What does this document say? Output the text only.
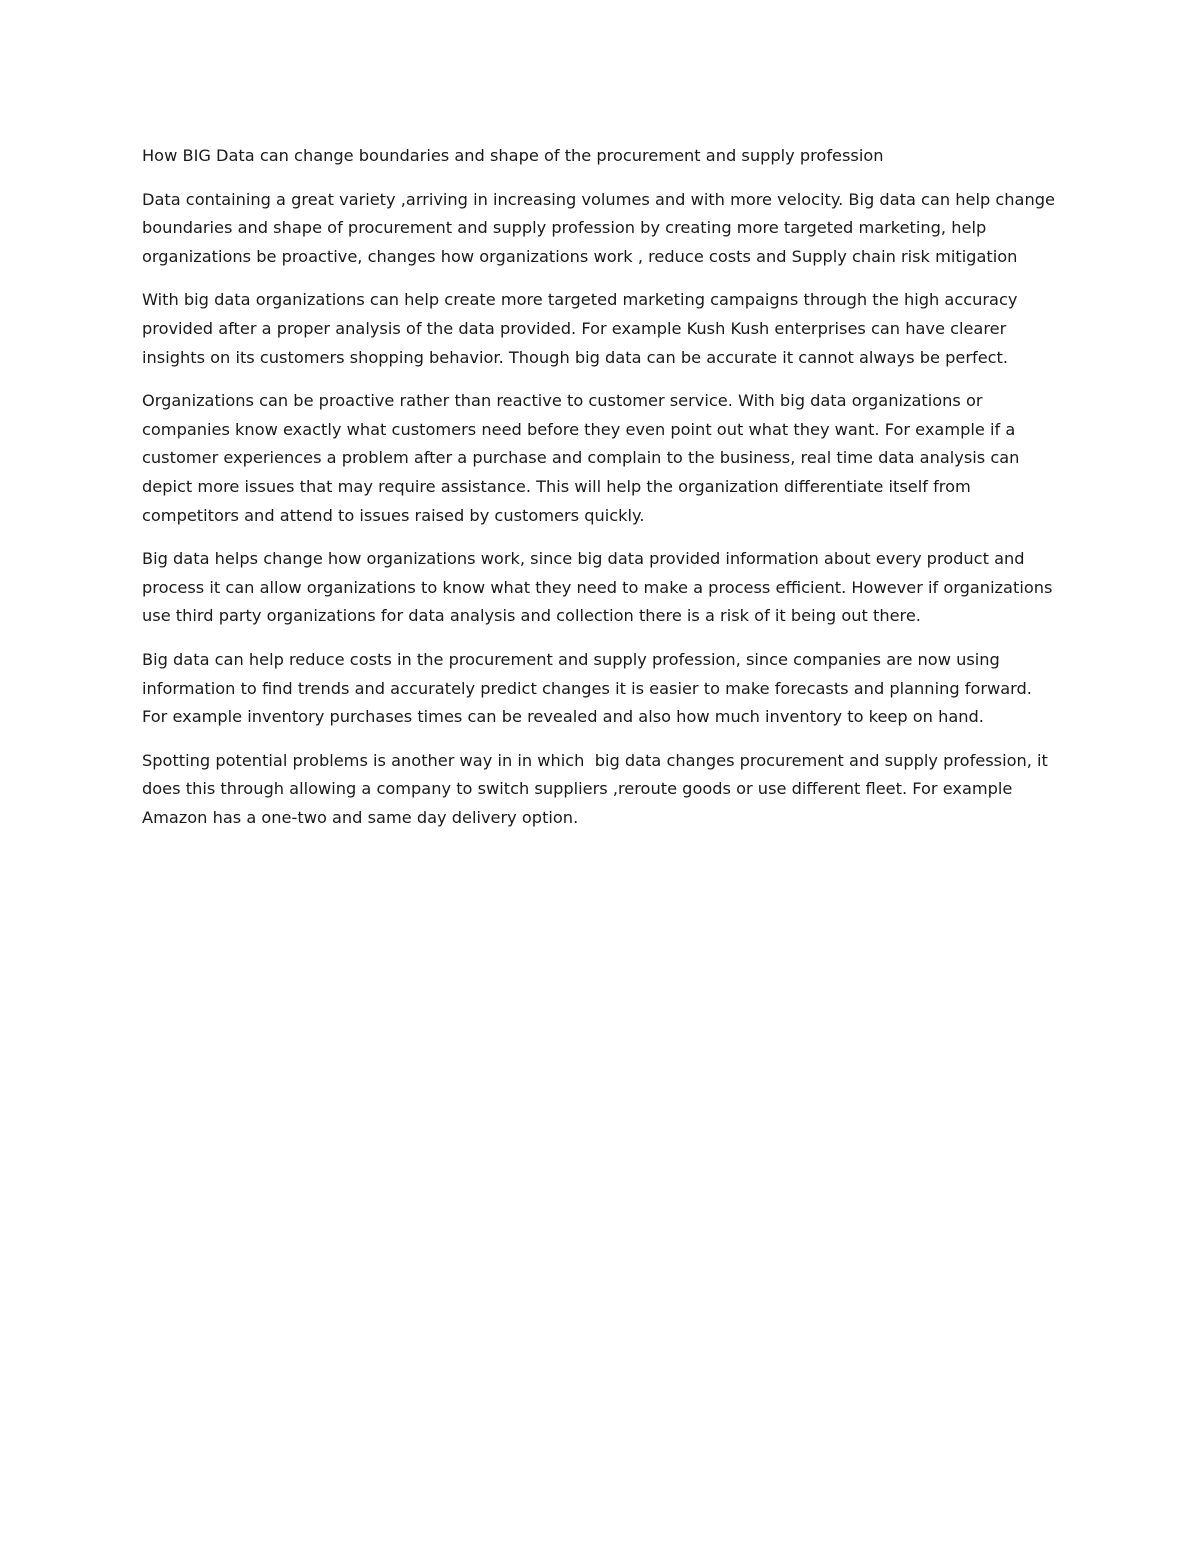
How BIG Data can change boundaries and shape of the procurement and supply profession

Data containing a great variety ,arriving in increasing volumes and with more velocity. Big data can help change boundaries and shape of procurement and supply profession by creating more targeted marketing, help organizations be proactive, changes how organizations work , reduce costs and Supply chain risk mitigation

With big data organizations can help create more targeted marketing campaigns through the high accuracy  provided after a proper analysis of the data provided. For example Kush Kush enterprises can have clearer insights on its customers shopping behavior. Though big data can be accurate it cannot always be perfect.

Organizations can be proactive rather than reactive to customer service. With big data organizations or companies know exactly what customers need before they even point out what they want. For example if a customer experiences a problem after a purchase and complain to the business, real time data analysis can depict more issues that may require assistance. This will help the organization differentiate itself from competitors and attend to issues raised by customers quickly.

Big data helps change how organizations work, since big data provided information about every product and process it can allow organizations to know what they need to make a process efficient. However if organizations use third party organizations for data analysis and collection there is a risk of it being out there.

Big data can help reduce costs in the procurement and supply profession, since companies are now using information to find trends and accurately predict changes it is easier to make forecasts and planning forward. For example inventory purchases times can be revealed and also how much inventory to keep on hand.

Spotting potential problems is another way in in which  big data changes procurement and supply profession, it does this through allowing a company to switch suppliers ,reroute goods or use different fleet. For example Amazon has a one-two and same day delivery option.
